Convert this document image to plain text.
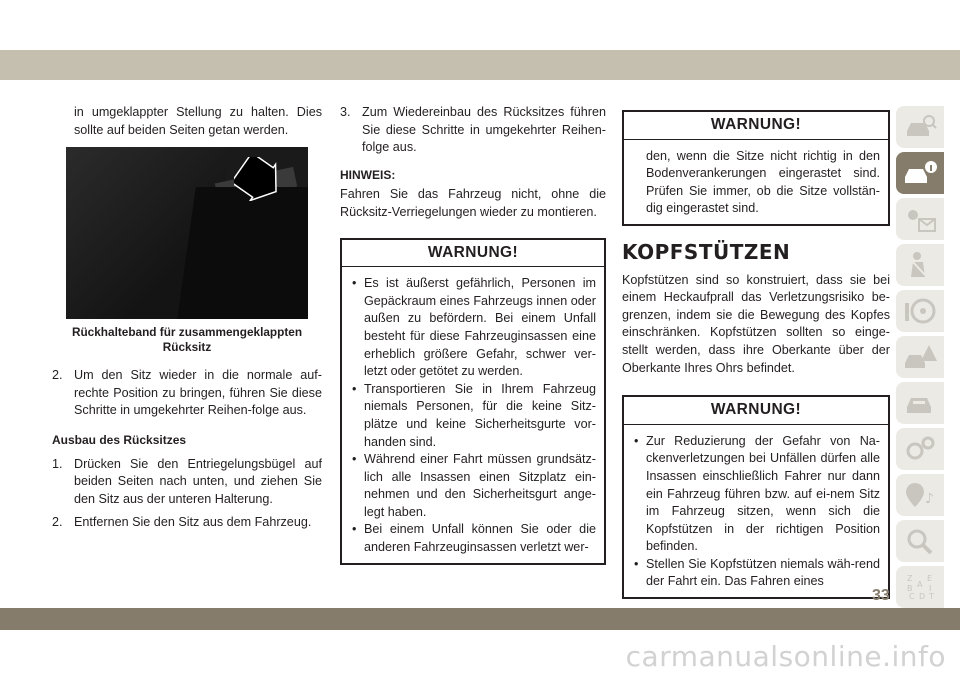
in umgeklappter Stellung zu halten. Dies sollte auf beiden Seiten getan werden.

Rückhalteband für zusammengeklappten Rücksitz

2. Um den Sitz wieder in die normale auf-rechte Position zu bringen, führen Sie diese Schritte in umgekehrter Reihen-folge aus.

Ausbau des Rücksitzes

1. Drücken Sie den Entriegelungsbügel auf beiden Seiten nach unten, und ziehen Sie den Sitz aus der unteren Halterung.
2. Entfernen Sie den Sitz aus dem Fahrzeug.
3. Zum Wiedereinbau des Rücksitzes führen Sie diese Schritte in umgekehrter Reihen-folge aus.

HINWEIS:

Fahren Sie das Fahrzeug nicht, ohne die Rücksitz-Verriegelungen wieder zu montieren.

WARNUNG!
• Es ist äußerst gefährlich, Personen im Gepäckraum eines Fahrzeugs innen oder außen zu befördern. Bei einem Unfall besteht für diese Fahrzeuginsassen eine erheblich größere Gefahr, schwer ver-letzt oder getötet zu werden.
• Transportieren Sie in Ihrem Fahrzeug niemals Personen, für die keine Sitz-plätze und keine Sicherheitsgurte vor-handen sind.
• Während einer Fahrt müssen grundsätz-lich alle Insassen einen Sitzplatz ein-nehmen und den Sicherheitsgurt ange-legt haben.
• Bei einem Unfall können Sie oder die anderen Fahrzeuginsassen verletzt wer-
WARNUNG!

den, wenn die Sitze nicht richtig in den Bodenverankerungen eingerastet sind. Prüfen Sie immer, ob die Sitze vollstän-dig eingerastet sind.

KOPFSTÜTZEN

Kopfstützen sind so konstruiert, dass sie bei einem Heckaufprall das Verletzungsrisiko be-grenzen, indem sie die Bewegung des Kopfes einschränken. Kopfstützen sollten so einge-stellt werden, dass ihre Oberkante über der Oberkante Ihres Ohrs befindet.

WARNUNG!
• Zur Reduzierung der Gefahr von Na-ckenverletzungen bei Unfällen dürfen alle Insassen einschließlich Fahrer nur dann ein Fahrzeug führen bzw. auf ei-nem Sitz im Fahrzeug sitzen, wenn sich die Kopfstützen in der richtigen Position befinden.
• Stellen Sie Kopfstützen niemals wäh-rend der Fahrt ein. Das Fahren eines
♪
Z E
A
B I
D
C T
33
carmanualsonline.info
